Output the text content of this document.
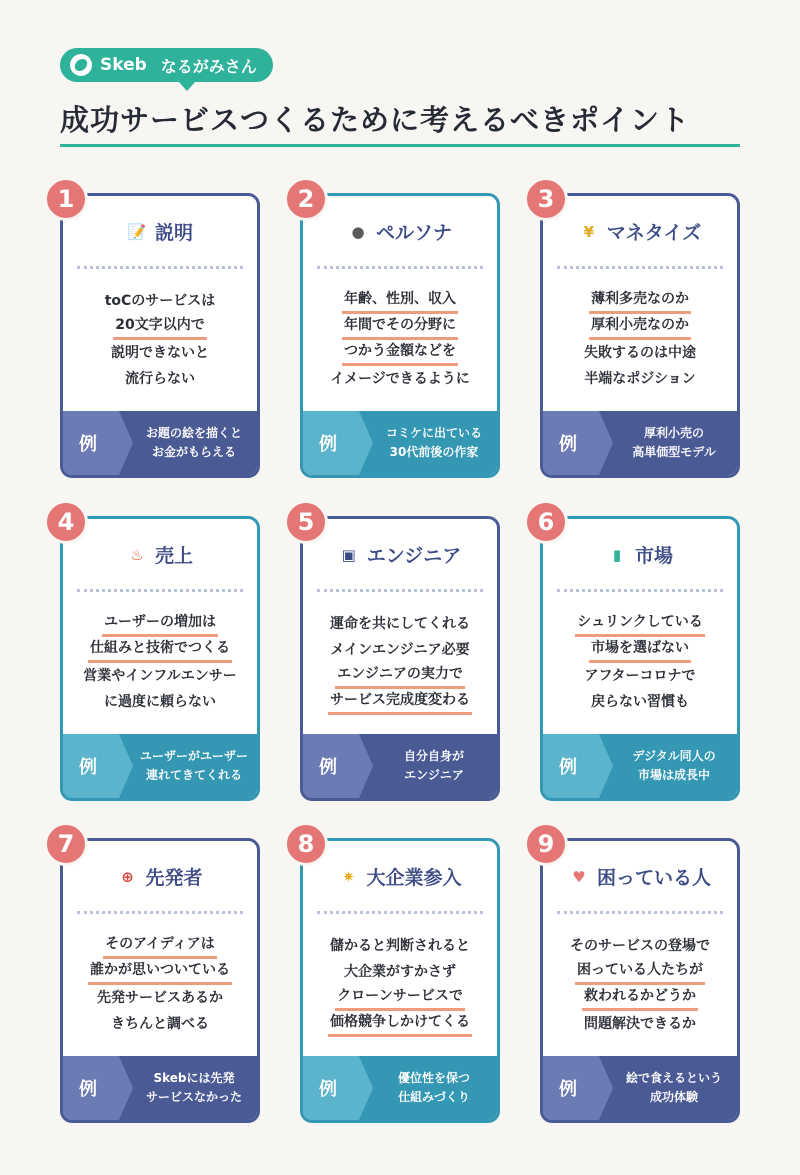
Skeb なるがみさん
成功サービスつくるために考えるべきポイント
1
📝 説明
toCのサービスは
20文字以内で
説明できないと
流行らない
例
お題の絵を描くと
お金がもらえる
2
● ペルソナ
年齢、性別、収入
年間でその分野に
つかう金額などを
イメージできるように
例
コミケに出ている
30代前後の作家
3
¥ マネタイズ
薄利多売なのか
厚利小売なのか
失敗するのは中途
半端なポジション
例
厚利小売の
高単価型モデル
4
♨ 売上
ユーザーの増加は
仕組みと技術でつくる
営業やインフルエンサー
に過度に頼らない
例
ユーザーがユーザー
連れてきてくれる
5
▣ エンジニア
運命を共にしてくれる
メインエンジニア必要
エンジニアの実力で
サービス完成度変わる
例
自分自身が
エンジニア
6
▮ 市場
シュリンクしている
市場を選ばない
アフターコロナで
戻らない習慣も
例
デジタル同人の
市場は成長中
7
⊕ 先発者
そのアイディアは
誰かが思いついている
先発サービスあるか
きちんと調べる
例
Skebには先発
サービスなかった
8
✷ 大企業参入
儲かると判断されると
大企業がすかさず
クローンサービスで
価格競争しかけてくる
例
優位性を保つ
仕組みづくり
9
♥ 困っている人
そのサービスの登場で
困っている人たちが
救われるかどうか
問題解決できるか
例
絵で食えるという
成功体験
